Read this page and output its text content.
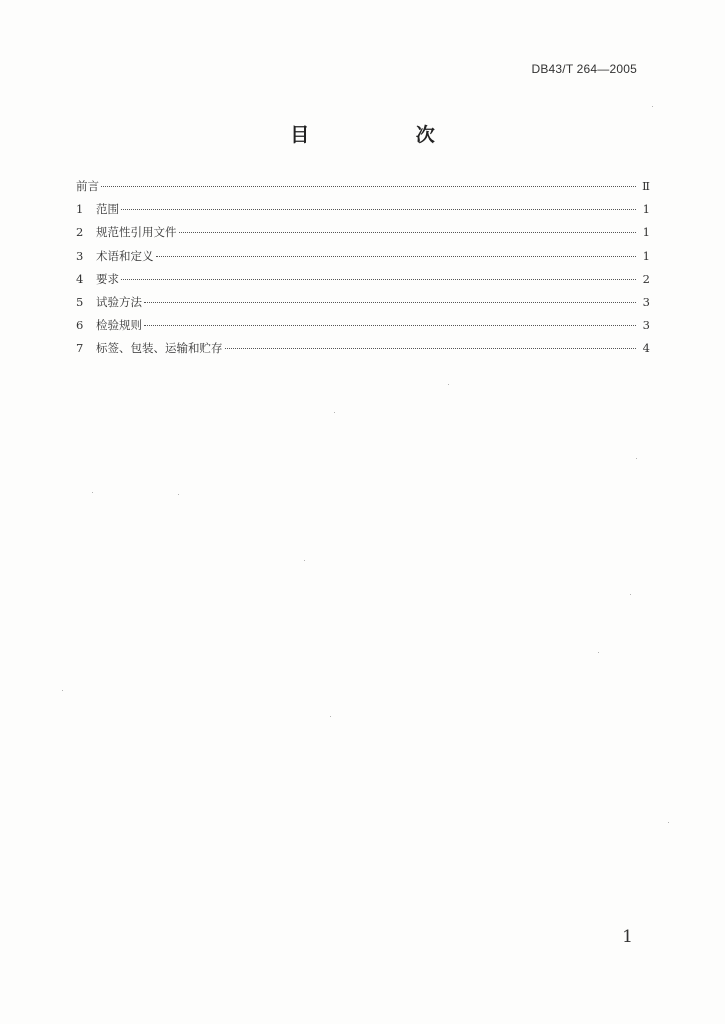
DB43/T 264—2005
目 次
前言	Ⅱ
1	范围	1
2	规范性引用文件	1
3	术语和定义	1
4	要求	2
5	试验方法	3
6	检验规则	3
7	标签、包装、运输和贮存	4
1
